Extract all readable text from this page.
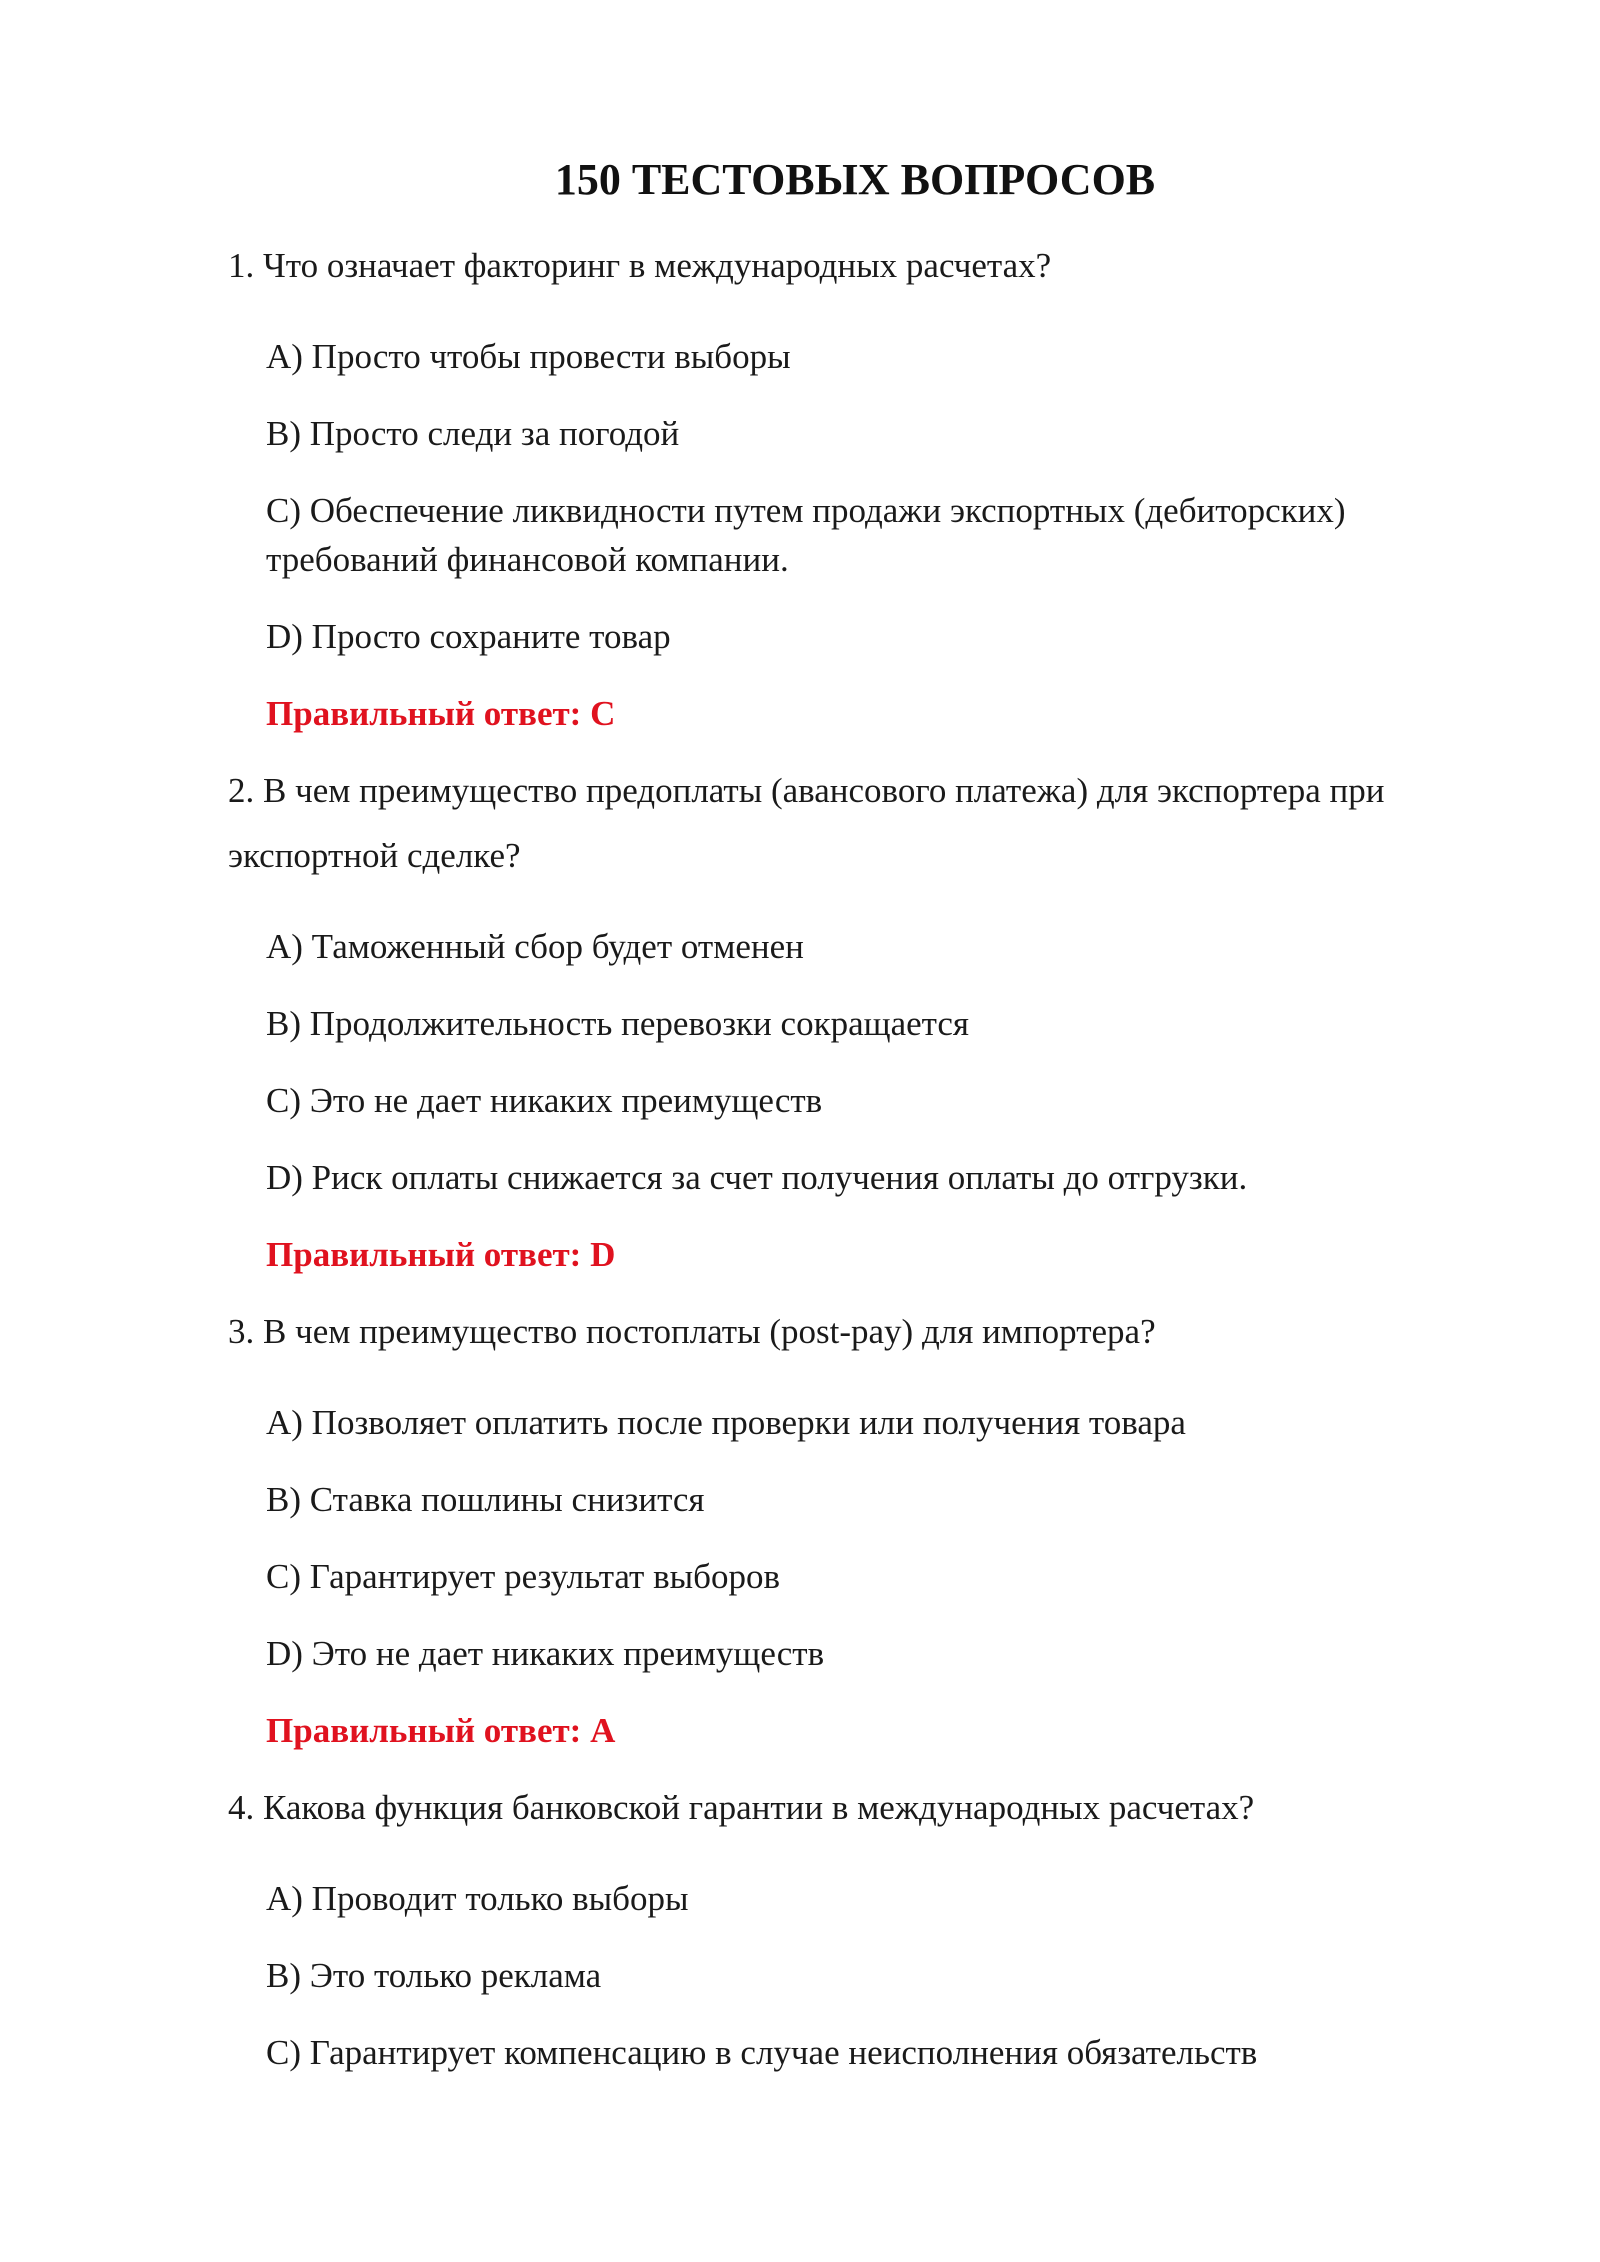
150 ТЕСТОВЫХ ВОПРОСОВ
1. Что означает факторинг в международных расчетах?
A) Просто чтобы провести выборы
B) Просто следи за погодой
C) Обеспечение ликвидности путем продажи экспортных (дебиторских)
требований финансовой компании.
D) Просто сохраните товар
Правильный ответ: C
2. В чем преимущество предоплаты (авансового платежа) для экспортера при
экспортной сделке?
A) Таможенный сбор будет отменен
B) Продолжительность перевозки сокращается
C) Это не дает никаких преимуществ
D) Риск оплаты снижается за счет получения оплаты до отгрузки.
Правильный ответ: D
3. В чем преимущество постоплаты (post-pay) для импортера?
A) Позволяет оплатить после проверки или получения товара
B) Ставка пошлины снизится
C) Гарантирует результат выборов
D) Это не дает никаких преимуществ
Правильный ответ: A
4. Какова функция банковской гарантии в международных расчетах?
A) Проводит только выборы
B) Это только реклама
C) Гарантирует компенсацию в случае неисполнения обязательств
